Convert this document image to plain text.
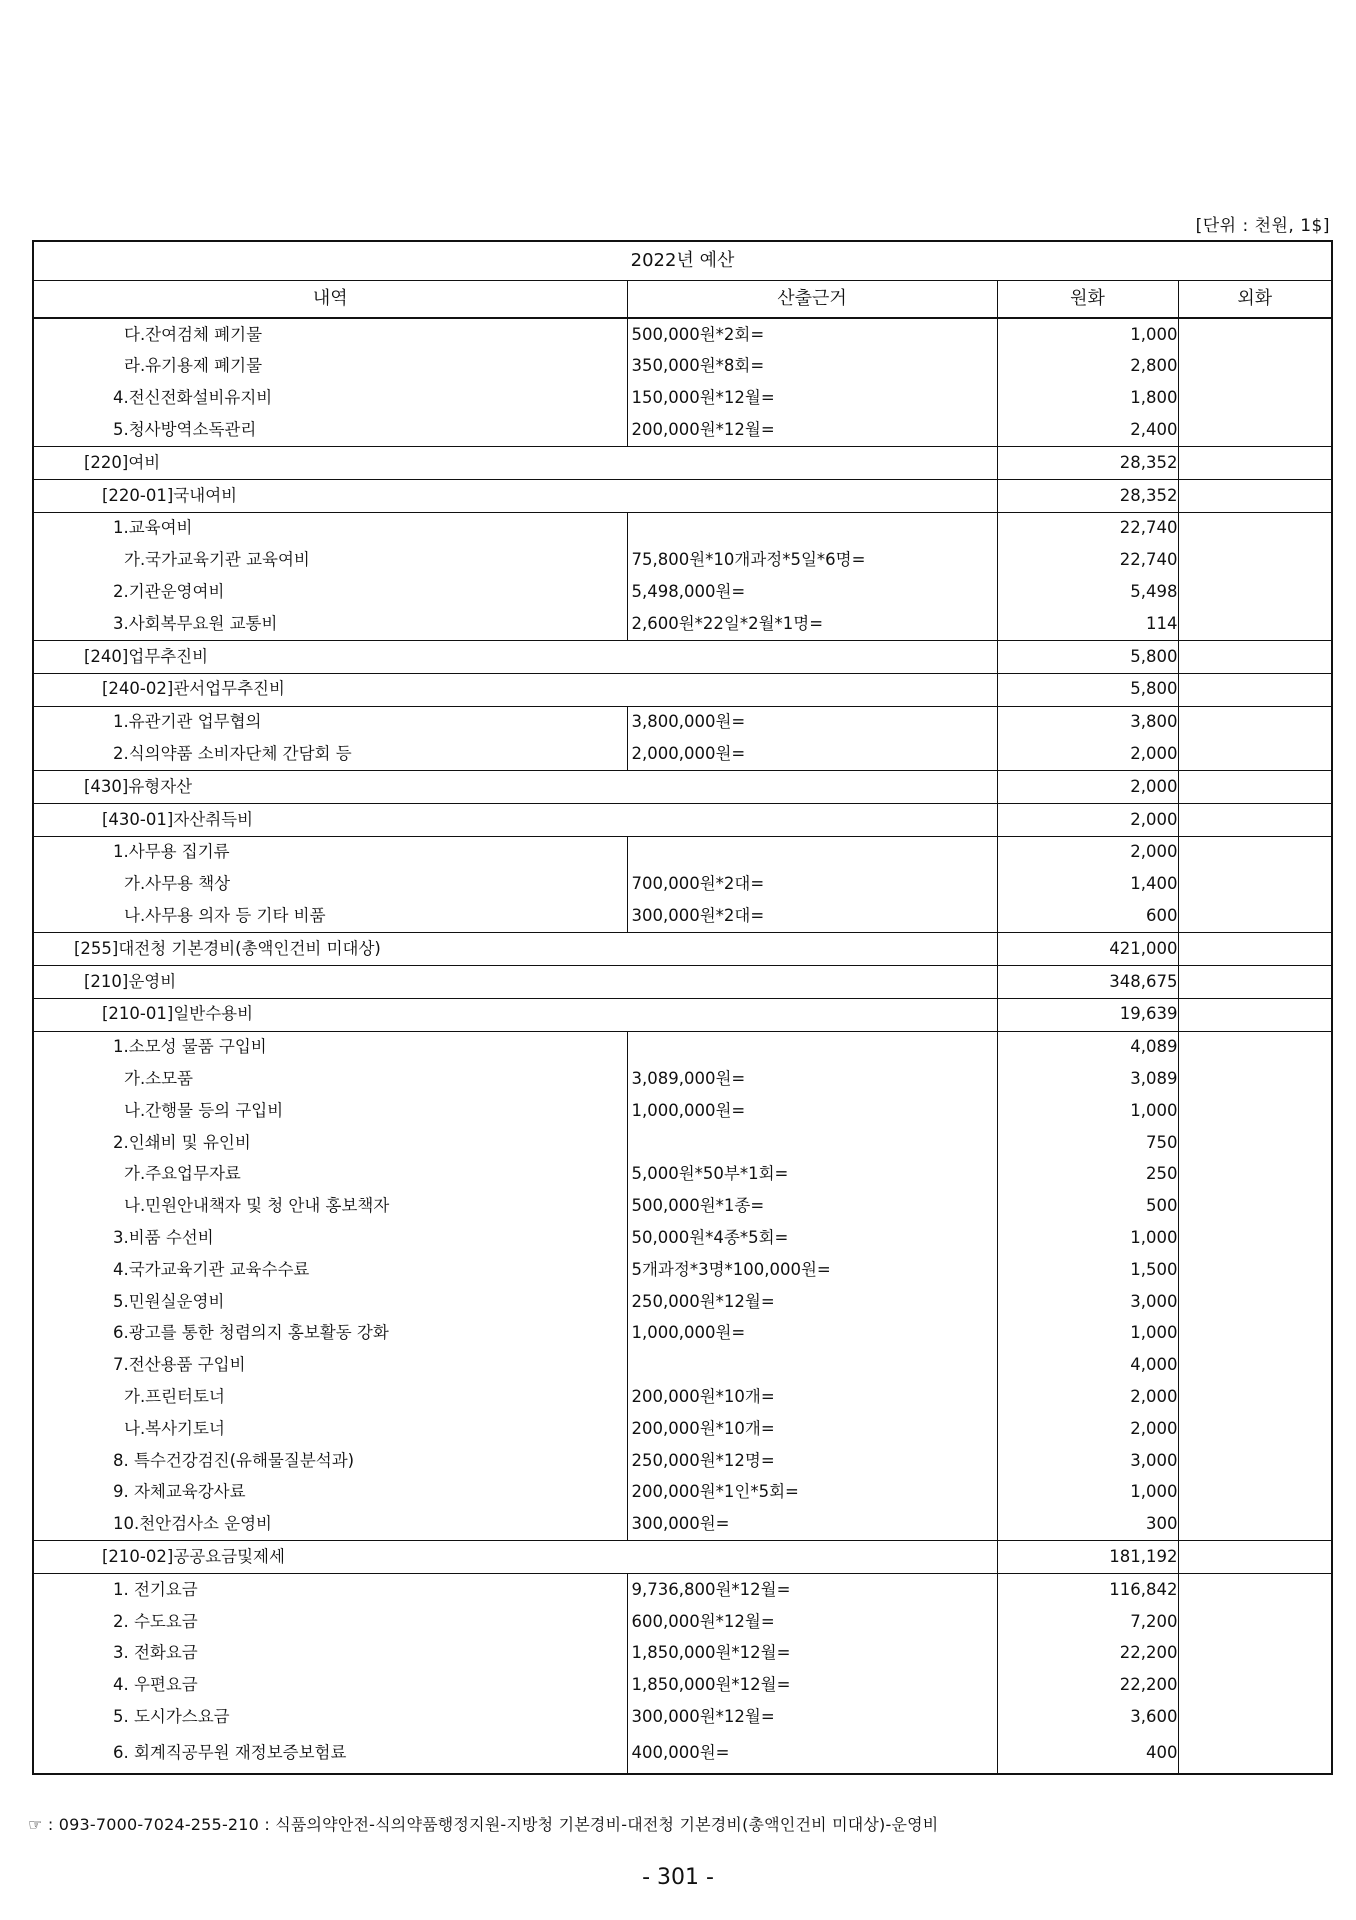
[단위 : 천원, 1$]
2022년 예산			
내역	산출근거	원화	외화
다.잔여검체 폐기물	500,000원*2회=	1,000	
라.유기용제 폐기물	350,000원*8회=	2,800	
4.전신전화설비유지비	150,000원*12월=	1,800	
5.청사방역소독관리	200,000원*12월=	2,400	
[220]여비		28,352	
[220-01]국내여비		28,352	
1.교육여비		22,740	
가.국가교육기관 교육여비	75,800원*10개과정*5일*6명=	22,740	
2.기관운영여비	5,498,000원=	5,498	
3.사회복무요원 교통비	2,600원*22일*2월*1명=	114	
[240]업무추진비		5,800	
[240-02]관서업무추진비		5,800	
1.유관기관 업무협의	3,800,000원=	3,800	
2.식의약품 소비자단체 간담회 등	2,000,000원=	2,000	
[430]유형자산		2,000	
[430-01]자산취득비		2,000	
1.사무용 집기류		2,000	
가.사무용 책상	700,000원*2대=	1,400	
나.사무용 의자 등 기타 비품	300,000원*2대=	600	
[255]대전청 기본경비(총액인건비 미대상)		421,000	
[210]운영비		348,675	
[210-01]일반수용비		19,639	
1.소모성 물품 구입비		4,089	
가.소모품	3,089,000원=	3,089	
나.간행물 등의 구입비	1,000,000원=	1,000	
2.인쇄비 및 유인비		750	
가.주요업무자료	5,000원*50부*1회=	250	
나.민원안내책자 및 청 안내 홍보책자	500,000원*1종=	500	
3.비품 수선비	50,000원*4종*5회=	1,000	
4.국가교육기관 교육수수료	5개과정*3명*100,000원=	1,500	
5.민원실운영비	250,000원*12월=	3,000	
6.광고를 통한 청렴의지 홍보활동 강화	1,000,000원=	1,000	
7.전산용품 구입비		4,000	
가.프린터토너	200,000원*10개=	2,000	
나.복사기토너	200,000원*10개=	2,000	
8. 특수건강검진(유해물질분석과)	250,000원*12명=	3,000	
9. 자체교육강사료	200,000원*1인*5회=	1,000	
10.천안검사소 운영비	300,000원=	300	
[210-02]공공요금및제세		181,192	
1. 전기요금	9,736,800원*12월=	116,842	
2. 수도요금	600,000원*12월=	7,200	
3. 전화요금	1,850,000원*12월=	22,200	
4. 우편요금	1,850,000원*12월=	22,200	
5. 도시가스요금	300,000원*12월=	3,600	
6. 회계직공무원 재정보증보험료	400,000원=	400	
☞ : 093-7000-7024-255-210 : 식품의약안전-식의약품행정지원-지방청 기본경비-대전청 기본경비(총액인건비 미대상)-운영비
- 301 -
